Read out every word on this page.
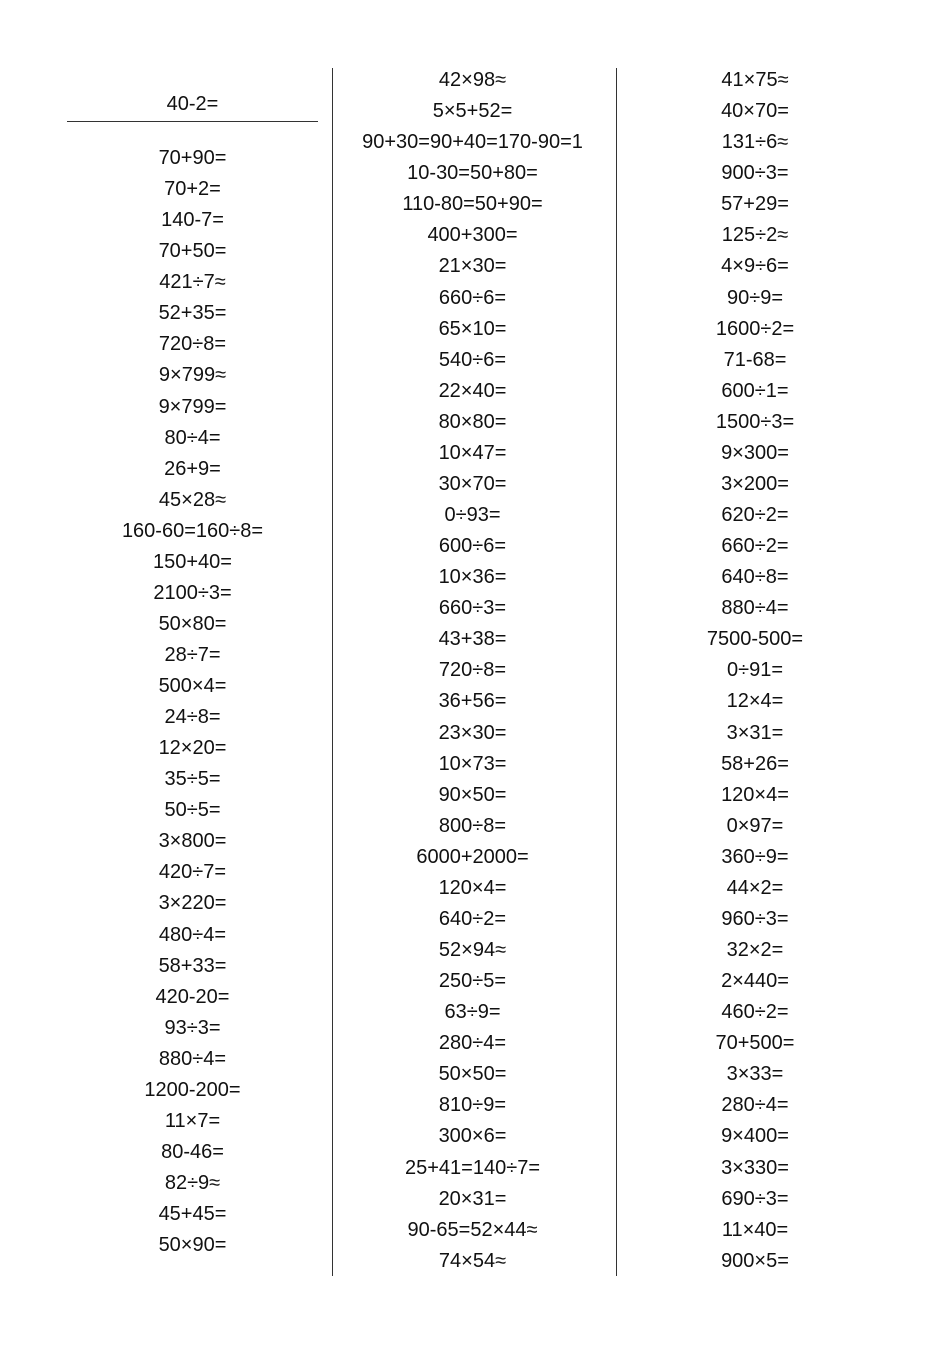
40-2=
70+90=
70+2=
140-7=
70+50=
421÷7≈
52+35=
720÷8=
9×799≈
9×799=
80÷4=
26+9=
45×28≈
160-60=160÷8=
150+40=
2100÷3=
50×80=
28÷7=
500×4=
24÷8=
12×20=
35÷5=
50÷5=
3×800=
420÷7=
3×220=
480÷4=
58+33=
420-20=
93÷3=
880÷4=
1200-200=
11×7=
80-46=
82÷9≈
45+45=
50×90=
42×98≈
5×5+52=
90+30=90+40=170-90=1
10-30=50+80=
110-80=50+90=
400+300=
21×30=
660÷6=
65×10=
540÷6=
22×40=
80×80=
10×47=
30×70=
0÷93=
600÷6=
10×36=
660÷3=
43+38=
720÷8=
36+56=
23×30=
10×73=
90×50=
800÷8=
6000+2000=
120×4=
640÷2=
52×94≈
250÷5=
63÷9=
280÷4=
50×50=
810÷9=
300×6=
25+41=140÷7=
20×31=
90-65=52×44≈
74×54≈
41×75≈
40×70=
131÷6≈
900÷3=
57+29=
125÷2≈
4×9÷6=
90÷9=
1600÷2=
71-68=
600÷1=
1500÷3=
9×300=
3×200=
620÷2=
660÷2=
640÷8=
880÷4=
7500-500=
0÷91=
12×4=
3×31=
58+26=
120×4=
0×97=
360÷9=
44×2=
960÷3=
32×2=
2×440=
460÷2=
70+500=
3×33=
280÷4=
9×400=
3×330=
690÷3=
11×40=
900×5=
